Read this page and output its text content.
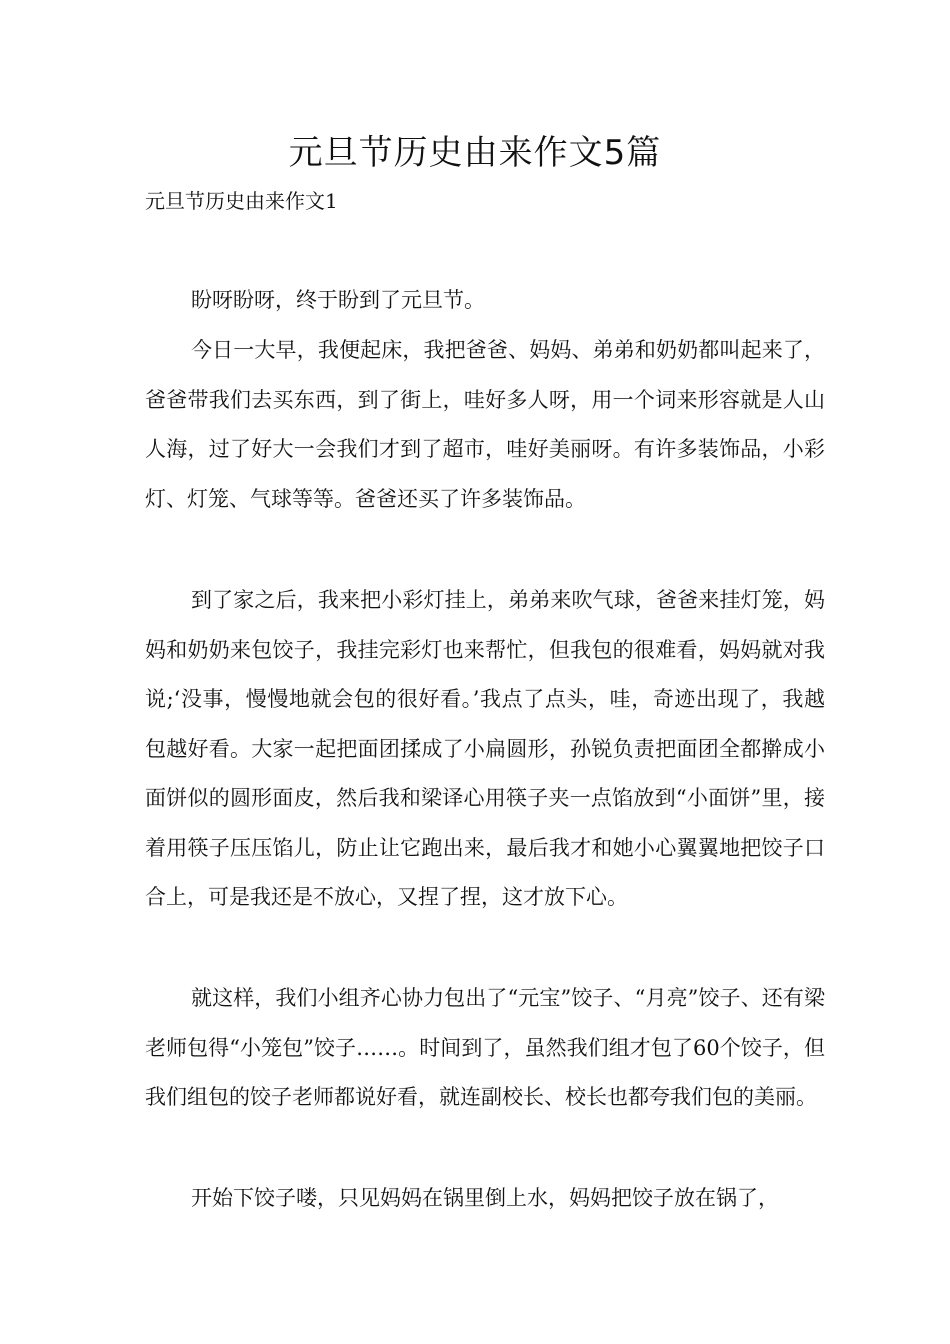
元旦节历史由来作文5篇
元旦节历史由来作文1

盼呀盼呀，终于盼到了元旦节。

今日一大早，我便起床，我把爸爸、妈妈、弟弟和奶奶都叫起来了，爸爸带我们去买东西，到了街上，哇好多人呀，用一个词来形容就是人山人海，过了好大一会我们才到了超市，哇好美丽呀。有许多装饰品，小彩灯、灯笼、气球等等。爸爸还买了许多装饰品。

到了家之后，我来把小彩灯挂上，弟弟来吹气球，爸爸来挂灯笼，妈妈和奶奶来包饺子，我挂完彩灯也来帮忙，但我包的很难看，妈妈就对我说;‘没事，慢慢地就会包的很好看。’我点了点头，哇，奇迹出现了，我越包越好看。大家一起把面团揉成了小扁圆形，孙锐负责把面团全都擀成小面饼似的圆形面皮，然后我和梁译心用筷子夹一点馅放到“小面饼”里，接着用筷子压压馅儿，防止让它跑出来，最后我才和她小心翼翼地把饺子口合上，可是我还是不放心，又捏了捏，这才放下心。

就这样，我们小组齐心协力包出了“元宝”饺子、“月亮”饺子、还有梁老师包得“小笼包”饺子……。时间到了，虽然我们组才包了60个饺子，但我们组包的饺子老师都说好看，就连副校长、校长也都夸我们包的美丽。

开始下饺子喽，只见妈妈在锅里倒上水，妈妈把饺子放在锅了，
